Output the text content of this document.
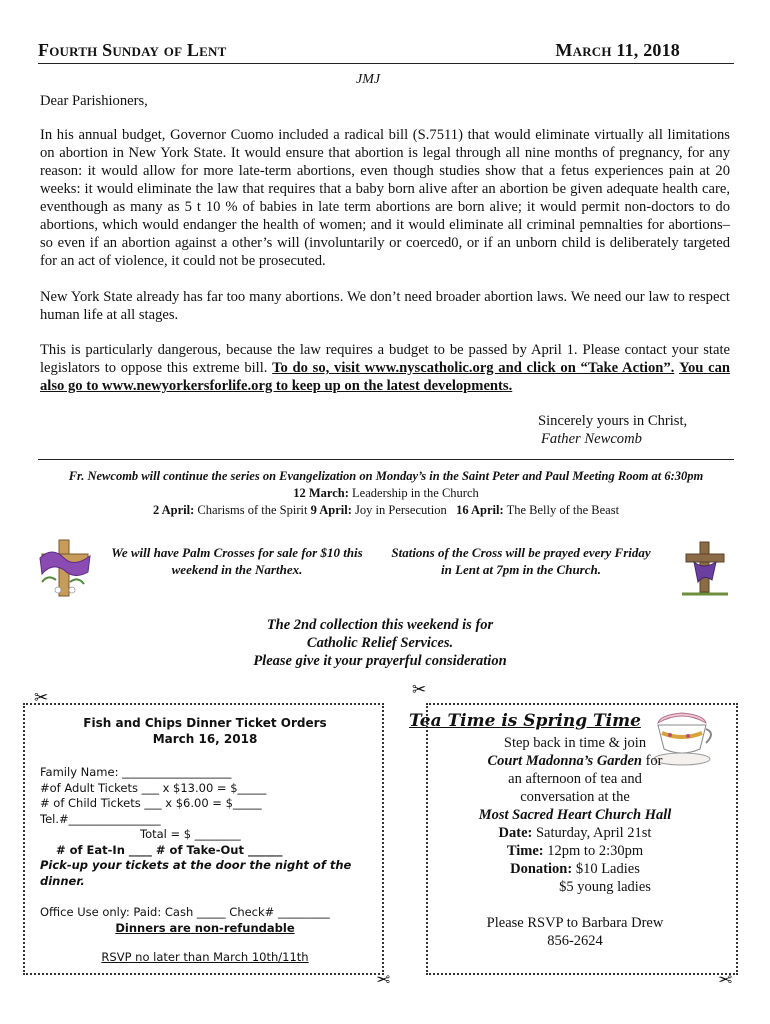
Fourth Sunday of Lent	March 11, 2018
JMJ
Dear Parishioners,
In his annual budget, Governor Cuomo included a radical bill (S.7511) that would eliminate virtually all limitations on abortion in New York State. It would ensure that abortion is legal through all nine months of pregnancy, for any reason: it would allow for more late-term abortions, even though studies show that a fetus experiences pain at 20 weeks: it would eliminate the law that requires that a baby born alive after an abortion be given adequate health care, eventhough as many as 5 t 10 % of babies in late term abortions are born alive; it would permit non-doctors to do abortions, which would endanger the health of women; and it would eliminate all criminal pemnalties for abortions– so even if an abortion against a other’s will (involuntarily or coerced0, or if an unborn child is deliberately targeted for an act of violence, it could not be prosecuted.
New York State already has far too many abortions. We don’t need broader abortion laws. We need our law to respect human life at all stages.
This is particularly dangerous, because the law requires a budget to be passed by April 1. Please contact your state legislators to oppose this extreme bill. To do so, visit www.nyscatholic.org and click on “Take Action”. You can also go to www.newyorkersforlife.org to keep up on the latest developments.
Sincerely yours in Christ,
Father Newcomb
Fr. Newcomb will continue the series on Evangelization on Monday’s in the Saint Peter and Paul Meeting Room at 6:30pm
12 March: Leadership in the Church
2 April: Charisms of the Spirit 9 April: Joy in Persecution 16 April: The Belly of the Beast
We will have Palm Crosses for sale for $10 this weekend in the Narthex.
Stations of the Cross will be prayed every Friday in Lent at 7pm in the Church.
The 2nd collection this weekend is for
Catholic Relief Services.
Please give it your prayerful consideration
✂	✂
✂	✂
Fish and Chips Dinner Ticket Orders
March 16, 2018
Family Name: ___________________
#of Adult Tickets ___ x $13.00 = $_____
# of Child Tickets ___ x $6.00 = $_____
Tel.#________________
Total = $ ________
# of Eat-In ____ # of Take-Out ______
Pick-up your tickets at the door the night of the dinner.
Office Use only: Paid: Cash _____ Check# _________
Dinners are non-refundable
RSVP no later than March 10th/11th
Tea Time is Spring Time
Step back in time & join
Court Madonna’s Garden for
an afternoon of tea and
conversation at the
Most Sacred Heart Church Hall
Date: Saturday, April 21st
Time: 12pm to 2:30pm
Donation: $10 Ladies
$5 young ladies
Please RSVP to Barbara Drew
856-2624
